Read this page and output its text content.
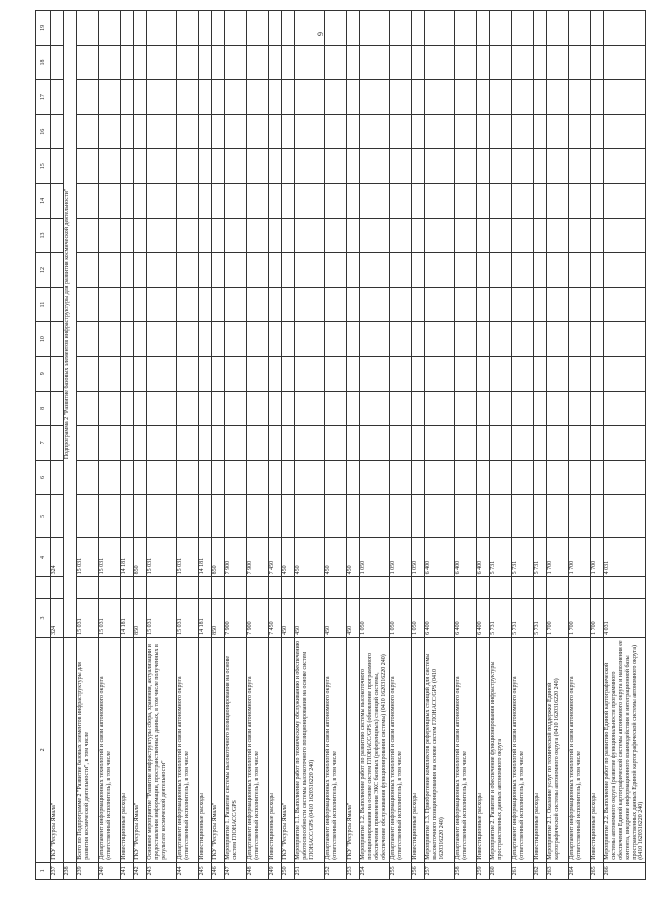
9
1	2	3		4	5	6	7	8	9	10	11	12	13	14	15	16	17	18	19
237	ГКУ "Ресурсы Ямала"	324		324															
238		Подпрограмма 2 "Развитие базовых элементов инфраструктуры для развития космической деятельности"																	
239	Всего по Подпрограмме 2 "Развитие базовых элементов инфраструктуры для развития космической деятельности", в том числе	15 031		15 031															
240	Департамент информационных технологий и связи автономного округа (ответственный исполнитель), в том числе	15 031		15 031															
241	Инвестиционные расходы	14 181		14 181															
242	ГКУ "Ресурсы Ямала"	850		850															
243	Основное мероприятие "Развитие инфраструктуры сбора, хранения, актуализации и предоставления информации, пространственных данных, в том числе полученных в результате космической деятельности"	15 031		15 031															
244	Департамент информационных технологий и связи автономного округа (ответственный исполнитель), в том числе	15 031		15 031															
245	Инвестиционные расходы	14 181		14 181															
246	ГКУ "Ресурсы Ямала"	850		850															
247	Мероприятие 1. Развитие системы высокоточного позиционирования на основе систем ГЛОНАСС/GPS	7 900		7 900															
248	Департамент информационных технологий и связи автономного округа (ответственный исполнитель), в том числе	7 900		7 900															
249	Инвестиционные расходы	7 450		7 450															
250	ГКУ "Ресурсы Ямала"	450		450															
251	Мероприятие 1.1. Выполнение работ по техническому обслуживанию и обеспечению работоспособности системы высокоточного позиционирования на основе систем ГЛОНАСС/GPS (0410 1620316220 240)	450		450															
252	Департамент информационных технологий и связи автономного округа (ответственный исполнитель), в том числе	450		450															
253	ГКУ "Ресурсы Ямала"	450		450															
254	Мероприятие 1.2. Выполнение работ по развитию системы высокоточного позиционирования на основе систем ГЛОНАСС/GPS (обновление программного обеспечения применения ЭКС базовых (референцных) станций системы, обеспечение обслуживания функционирования системы) (0410 1620316220 240)	1 050		1 050															
255	Департамент информационных технологий и связи автономного округа (ответственный исполнитель), в том числе	1 050		1 050															
256	Инвестиционные расходы	1 050		1 050															
257	Мероприятие 1.3. Приобретение комплектов референцных станций для системы высокоточного позиционирования на основе систем ГЛОНАСС/GPS (0410 1620316220 240)	6 400		6 400															
258	Департамент информационных технологий и связи автономного округа (ответственный исполнитель), в том числе	6 400		6 400															
259	Инвестиционные расходы	6 400		6 400															
260	Мероприятие 2. Развитие и обеспечение функционирования инфраструктуры пространственных данных автономного округа	5 731		5 731															
261	Департамент информационных технологий и связи автономного округа (ответственный исполнитель), в том числе	5 731		5 731															
262	Инвестиционные расходы	5 731		5 731															
263	Мероприятие 2.1. Оказание услуг по технической поддержке Единой картографической системы автономного округа (0410 1620316220 240)	1 700		1 700															
264	Департамент информационных технологий и связи автономного округа (ответственный исполнитель), в том числе	1 700		1 700															
265	Инвестиционные расходы	1 700		1 700															
266	Мероприятие 2.2. Выполнение работ по развитию Единой картографической системы автономного округа (развитие функциональности программного обеспечения Единой картографической системы автономного округа и наполнения ее контента, внедрение информационного взаимодействия и интеграционной базы пространственных данных Единой картографической системы автономного округа) (0410 1620316220 240)	4 031		4 031															
